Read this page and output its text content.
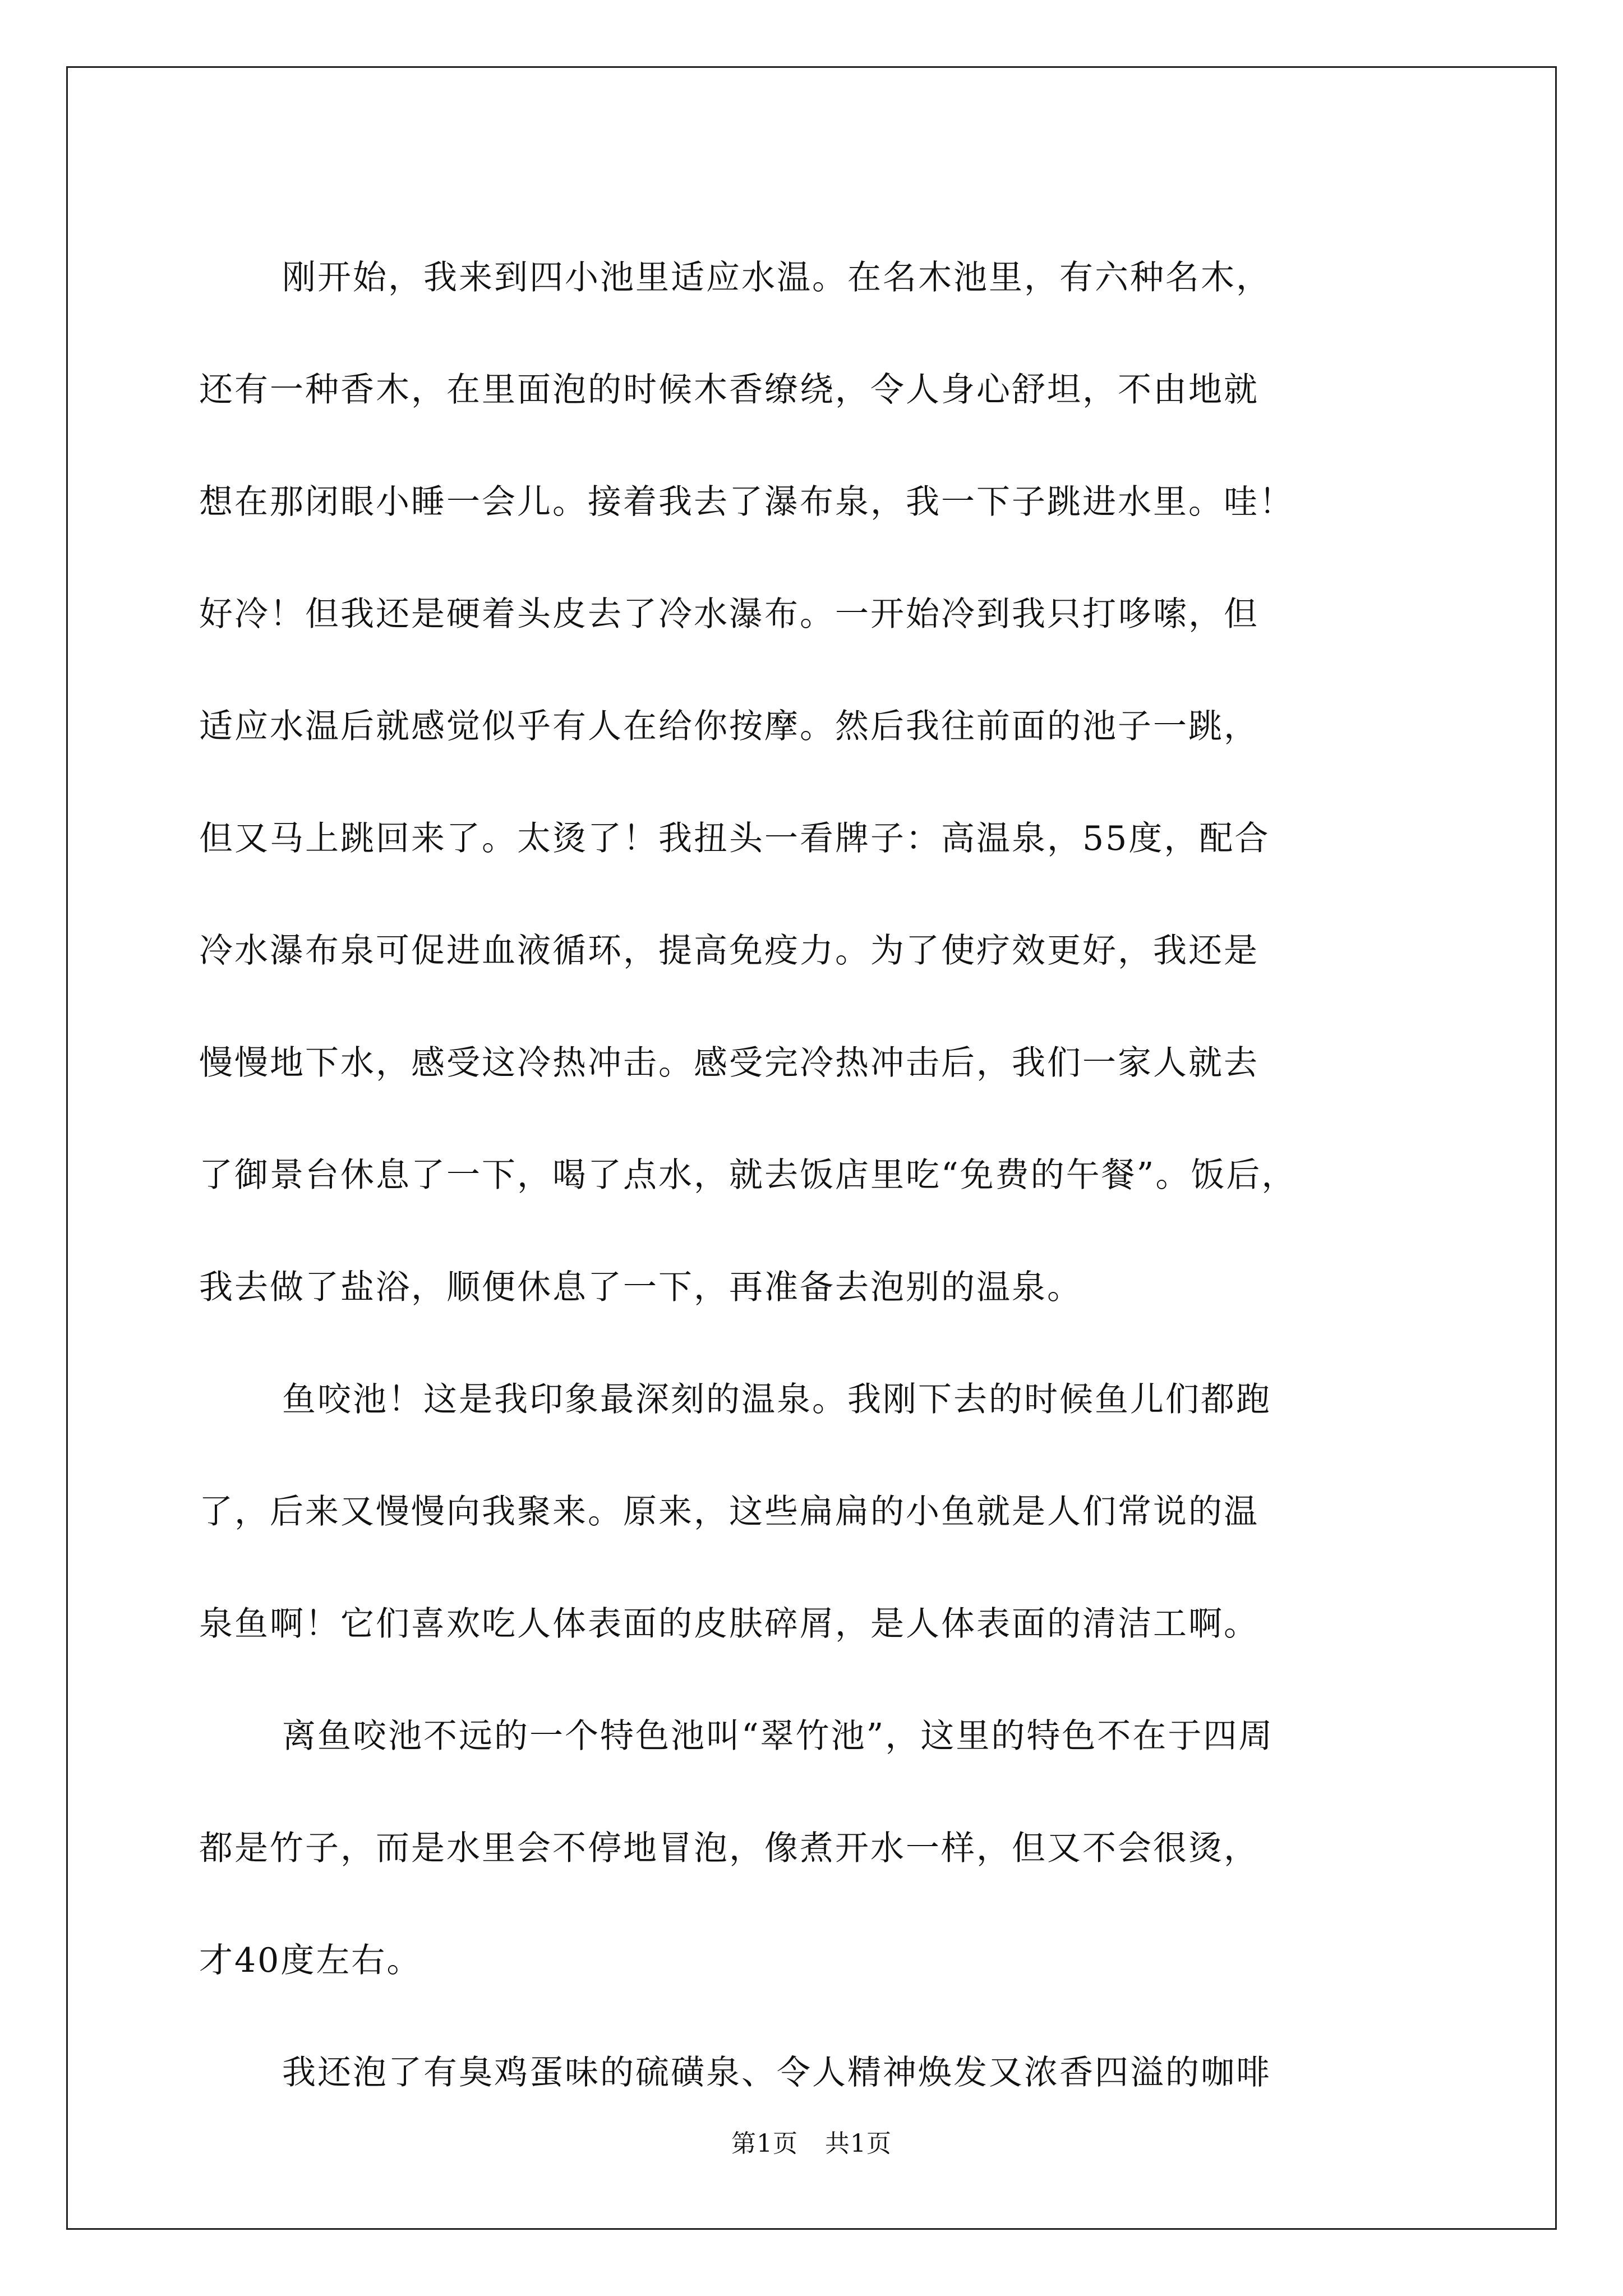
刚开始，我来到四小池里适应水温。在名木池里，有六种名木，

还有一种香木，在里面泡的时候木香缭绕，令人身心舒坦，不由地就

想在那闭眼小睡一会儿。接着我去了瀑布泉，我一下子跳进水里。哇！

好冷！但我还是硬着头皮去了冷水瀑布。一开始冷到我只打哆嗦，但

适应水温后就感觉似乎有人在给你按摩。然后我往前面的池子一跳，

但又马上跳回来了。太烫了！我扭头一看牌子：高温泉，55度，配合

冷水瀑布泉可促进血液循环，提高免疫力。为了使疗效更好，我还是

慢慢地下水，感受这冷热冲击。感受完冷热冲击后，我们一家人就去

了御景台休息了一下，喝了点水，就去饭店里吃“免费的午餐”。饭后，

我去做了盐浴，顺便休息了一下，再准备去泡别的温泉。

鱼咬池！这是我印象最深刻的温泉。我刚下去的时候鱼儿们都跑

了，后来又慢慢向我聚来。原来，这些扁扁的小鱼就是人们常说的温

泉鱼啊！它们喜欢吃人体表面的皮肤碎屑，是人体表面的清洁工啊。

离鱼咬池不远的一个特色池叫“翠竹池”，这里的特色不在于四周

都是竹子，而是水里会不停地冒泡，像煮开水一样，但又不会很烫，

才40度左右。

我还泡了有臭鸡蛋味的硫磺泉、令人精神焕发又浓香四溢的咖啡

第1页 共1页
